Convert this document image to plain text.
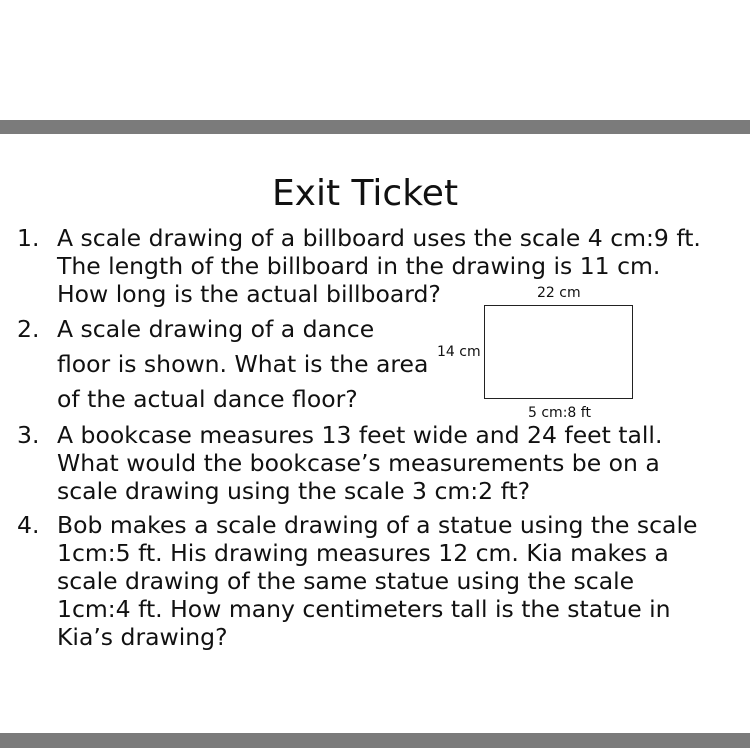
Exit Ticket
1. A scale drawing of a billboard uses the scale 4 cm:9 ft.
The length of the billboard in the drawing is 11 cm.
How long is the actual billboard?
2. A scale drawing of a dance
floor is shown. What is the area
of the actual dance floor?
22 cm
14 cm
5 cm:8 ft
3. A bookcase measures 13 feet wide and 24 feet tall.
What would the bookcase’s measurements be on a
scale drawing using the scale 3 cm:2 ft?
4. Bob makes a scale drawing of a statue using the scale
1cm:5 ft. His drawing measures 12 cm. Kia makes a
scale drawing of the same statue using the scale
1cm:4 ft. How many centimeters tall is the statue in
Kia’s drawing?
